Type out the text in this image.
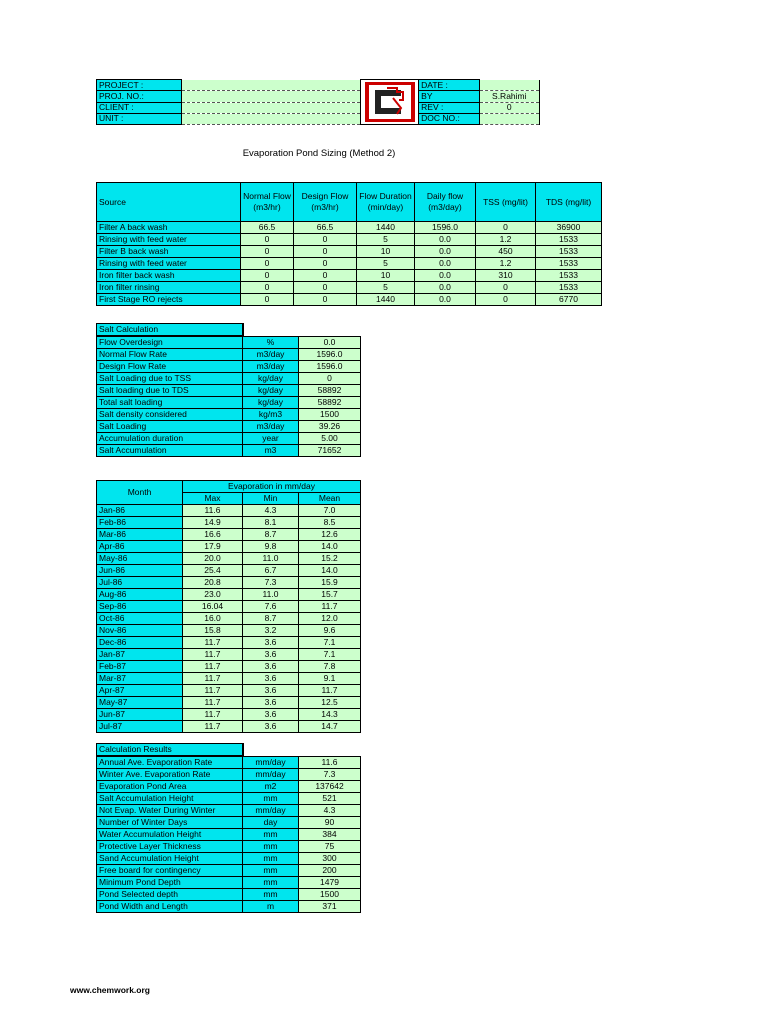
PROJECT :			DATE :	
PROJ. NO.:			BY	S.Rahimi
CLIENT :			REV :	0
UNIT :			DOC NO.:	
Evaporation Pond Sizing (Method 2)
Source	Normal Flow (m3/hr)	Design Flow (m3/hr)	Flow Duration (min/day)	Daily flow (m3/day)	TSS (mg/lit)	TDS (mg/lit)
Filter A back wash	66.5	66.5	1440	1596.0	0	36900
Rinsing with feed water	0	0	5	0.0	1.2	1533
Filter B back wash	0	0	10	0.0	450	1533
Rinsing with feed water	0	0	5	0.0	1.2	1533
Iron filter back wash	0	0	10	0.0	310	1533
Iron filter rinsing	0	0	5	0.0	0	1533
First Stage RO rejects	0	0	1440	0.0	0	6770
Salt Calculation		
Flow Overdesign	%	0.0
Normal Flow Rate	m3/day	1596.0
Design Flow Rate	m3/day	1596.0
Salt Loading due to TSS	kg/day	0
Salt loading due to TDS	kg/day	58892
Total salt loading	kg/day	58892
Salt density considered	kg/m3	1500
Salt Loading	m3/day	39.26
Accumulation duration	year	5.00
Salt Accumulation	m3	71652
Month	Evaporation in mm/day		
	Max	Min	Mean
Jan-86	11.6	4.3	7.0
Feb-86	14.9	8.1	8.5
Mar-86	16.6	8.7	12.6
Apr-86	17.9	9.8	14.0
May-86	20.0	11.0	15.2
Jun-86	25.4	6.7	14.0
Jul-86	20.8	7.3	15.9
Aug-86	23.0	11.0	15.7
Sep-86	16.04	7.6	11.7
Oct-86	16.0	8.7	12.0
Nov-86	15.8	3.2	9.6
Dec-86	11.7	3.6	7.1
Jan-87	11.7	3.6	7.1
Feb-87	11.7	3.6	7.8
Mar-87	11.7	3.6	9.1
Apr-87	11.7	3.6	11.7
May-87	11.7	3.6	12.5
Jun-87	11.7	3.6	14.3
Jul-87	11.7	3.6	14.7
Calculation Results		
Annual Ave. Evaporation Rate	mm/day	11.6
Winter Ave. Evaporation Rate	mm/day	7.3
Evaporation Pond Area	m2	137642
Salt Accumulation Height	mm	521
Not Evap. Water During Winter	mm/day	4.3
Number of Winter Days	day	90
Water Accumulation Height	mm	384
Protective Layer Thickness	mm	75
Sand Accumulation Height	mm	300
Free board for contingency	mm	200
Minimum Pond Depth	mm	1479
Pond Selected depth	mm	1500
Pond Width and Length	m	371
www.chemwork.org
